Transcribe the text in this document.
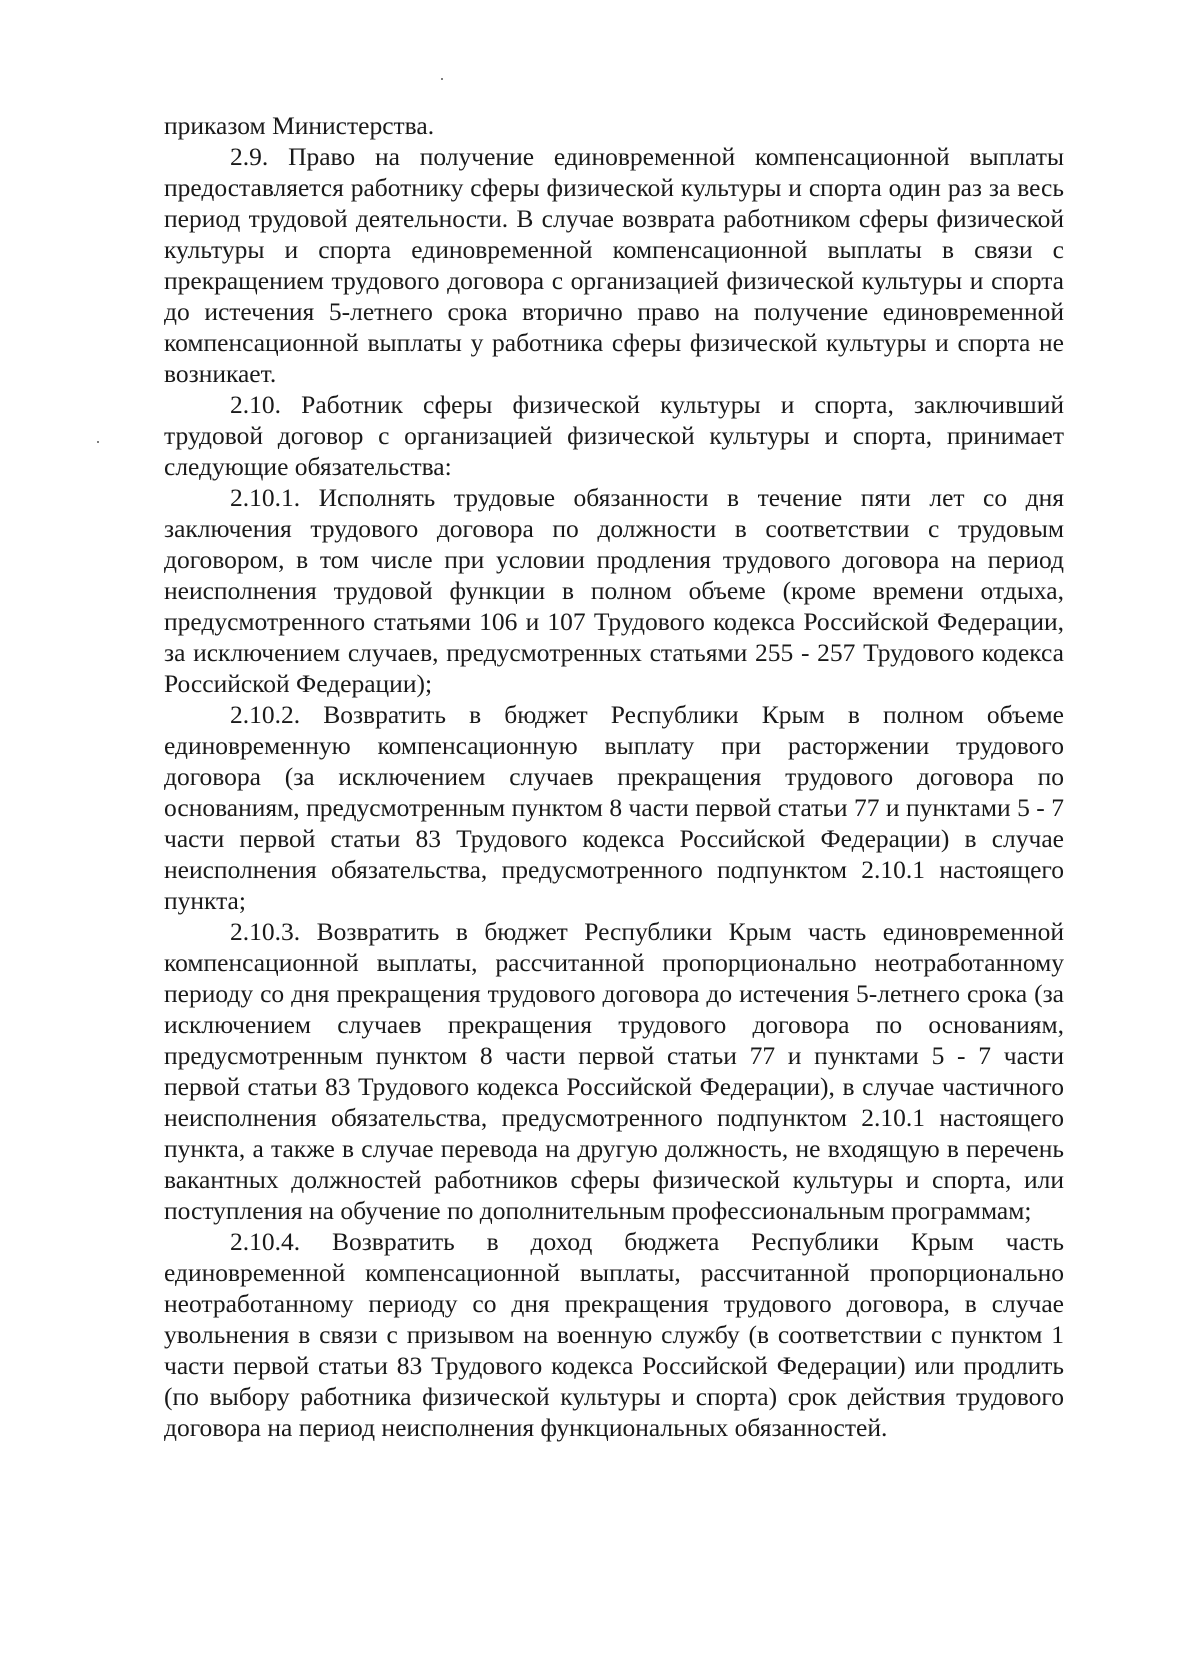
приказом Министерства.

2.9. Право на получение единовременной компенсационной выплаты предоставляется работнику сферы физической культуры и спорта один раз за весь период трудовой деятельности. В случае возврата работником сферы физической культуры и спорта единовременной компенсационной выплаты в связи с прекращением трудового договора с организацией физической культуры и спорта до истечения 5-летнего срока вторично право на получение единовременной компенсационной выплаты у работника сферы физической культуры и спорта не возникает.

2.10. Работник сферы физической культуры и спорта, заключивший трудовой договор с организацией физической культуры и спорта, принимает следующие обязательства:

2.10.1. Исполнять трудовые обязанности в течение пяти лет со дня заключения трудового договора по должности в соответствии с трудовым договором, в том числе при условии продления трудового договора на период неисполнения трудовой функции в полном объеме (кроме времени отдыха, предусмотренного статьями 106 и 107 Трудового кодекса Российской Федерации, за исключением случаев, предусмотренных статьями 255 - 257 Трудового кодекса Российской Федерации);

2.10.2. Возвратить в бюджет Республики Крым в полном объеме единовременную компенсационную выплату при расторжении трудового договора (за исключением случаев прекращения трудового договора по основаниям, предусмотренным пунктом 8 части первой статьи 77 и пунктами 5 - 7 части первой статьи 83 Трудового кодекса Российской Федерации) в случае неисполнения обязательства, предусмотренного подпунктом 2.10.1 настоящего пункта;

2.10.3. Возвратить в бюджет Республики Крым часть единовременной компенсационной выплаты, рассчитанной пропорционально неотработанному периоду со дня прекращения трудового договора до истечения 5-летнего срока (за исключением случаев прекращения трудового договора по основаниям, предусмотренным пунктом 8 части первой статьи 77 и пунктами 5 - 7 части первой статьи 83 Трудового кодекса Российской Федерации), в случае частичного неисполнения обязательства, предусмотренного подпунктом 2.10.1 настоящего пункта, а также в случае перевода на другую должность, не входящую в перечень вакантных должностей работников сферы физической культуры и спорта, или поступления на обучение по дополнительным профессиональным программам;

2.10.4. Возвратить в доход бюджета Республики Крым часть единовременной компенсационной выплаты, рассчитанной пропорционально неотработанному периоду со дня прекращения трудового договора, в случае увольнения в связи с призывом на военную службу (в соответствии с пунктом 1 части первой статьи 83 Трудового кодекса Российской Федерации) или продлить (по выбору работника физической культуры и спорта) срок действия трудового договора на период неисполнения функциональных обязанностей.
